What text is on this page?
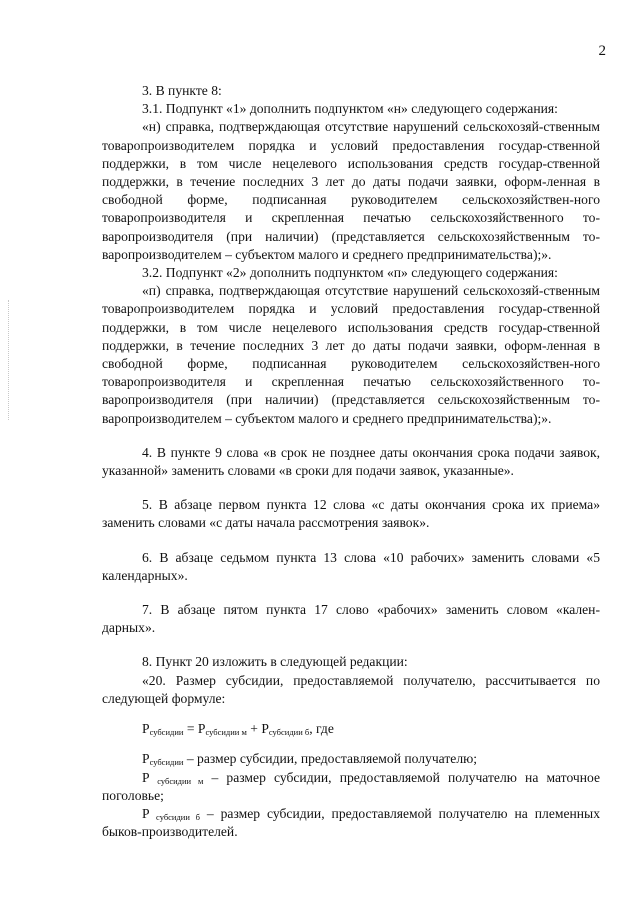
2

3. В пункте 8:

3.1. Подпункт «1» дополнить подпунктом «н» следующего содержания:

«н) справка, подтверждающая отсутствие нарушений сельскохозяй-ственным товаропроизводителем порядка и условий предоставления государ-ственной поддержки, в том числе нецелевого использования средств государ-ственной поддержки, в течение последних 3 лет до даты подачи заявки, оформ-ленная в свободной форме, подписанная руководителем сельскохозяйствен-ного товаропроизводителя и скрепленная печатью сельскохозяйственного то-варопроизводителя (при наличии) (представляется сельскохозяйственным то-варопроизводителем – субъектом малого и среднего предпринимательства);».

3.2. Подпункт «2» дополнить подпунктом «п» следующего содержания:

«п) справка, подтверждающая отсутствие нарушений сельскохозяй-ственным товаропроизводителем порядка и условий предоставления государ-ственной поддержки, в том числе нецелевого использования средств государ-ственной поддержки, в течение последних 3 лет до даты подачи заявки, оформ-ленная в свободной форме, подписанная руководителем сельскохозяйствен-ного товаропроизводителя и скрепленная печатью сельскохозяйственного то-варопроизводителя (при наличии) (представляется сельскохозяйственным то-варопроизводителем – субъектом малого и среднего предпринимательства);».

4. В пункте 9 слова «в срок не позднее даты окончания срока подачи заявок, указанной» заменить словами «в сроки для подачи заявок, указанные».

5. В абзаце первом пункта 12 слова «с даты окончания срока их приема» заменить словами «с даты начала рассмотрения заявок».

6. В абзаце седьмом пункта 13 слова «10 рабочих» заменить словами «5 календарных».

7. В абзаце пятом пункта 17 слово «рабочих» заменить словом «кален-дарных».

8. Пункт 20 изложить в следующей редакции:

«20. Размер субсидии, предоставляемой получателю, рассчитывается по следующей формуле:

$P_{субсидии} = P_{субсидии м} + P_{субсидии б}$, где

$P_{субсидии}$ – размер субсидии, предоставляемой получателю;

P $_{субсидии м}$ – размер субсидии, предоставляемой получателю на маточное поголовье;

P $_{субсидии б}$ – размер субсидии, предоставляемой получателю на племенных быков-производителей.
